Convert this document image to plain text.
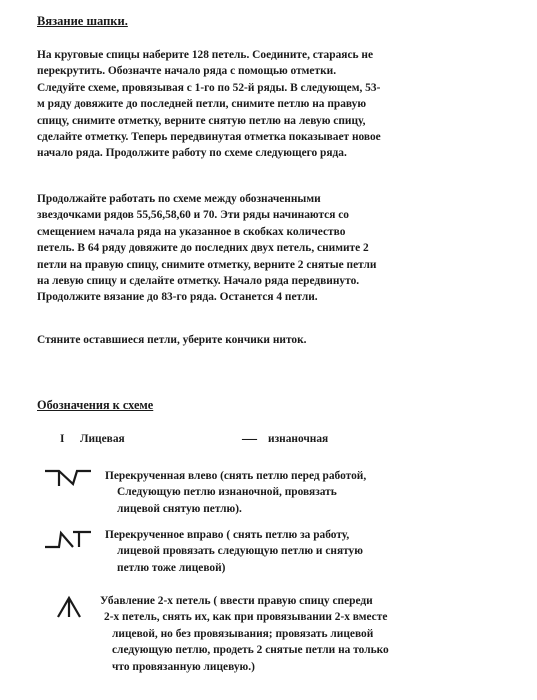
Вязание шапки.
На круговые спицы наберите 128 петель. Соедините, стараясь не
перекрутить. Обозначте начало ряда с помощью отметки.
Следуйте схеме, провязывая с 1-го по 52-й ряды. В следующем, 53-
м ряду довяжите до последней петли, снимите петлю на правую
спицу, снимите отметку, верните снятую петлю на левую спицу,
сделайте отметку. Теперь передвинутая отметка показывает новое
начало ряда. Продолжите работу по схеме следующего ряда.
Продолжайте работать по схеме между обозначенными
звездочками рядов 55,56,58,60 и 70. Эти ряды начинаются со
смещением начала ряда на указанное в скобках количество
петель. В 64 ряду довяжите до последних двух петель, снимите 2
петли на правую спицу, снимите отметку, верните 2 снятые петли
на левую спицу и сделайте отметку. Начало ряда передвинуто.
Продолжите вязание до 83-го ряда. Останется 4 петли.
Стяните оставшиеся петли, уберите кончики ниток.
Обозначения к схеме
I Лицевая	— изнаночная
Перекрученная влево (снять петлю перед работой,
Следующую петлю изнаночной, провязать
лицевой снятую петлю).
Перекрученное вправо ( снять петлю за работу,
лицевой провязать следующую петлю и снятую
петлю тоже лицевой)
Убавление 2-х петель ( ввести правую спицу спереди
2-х петель, снять их, как при провязывании 2-х вместе
лицевой, но без провязывания; провязать лицевой
следующую петлю, продеть 2 снятые петли на только
что провязанную лицевую.)
